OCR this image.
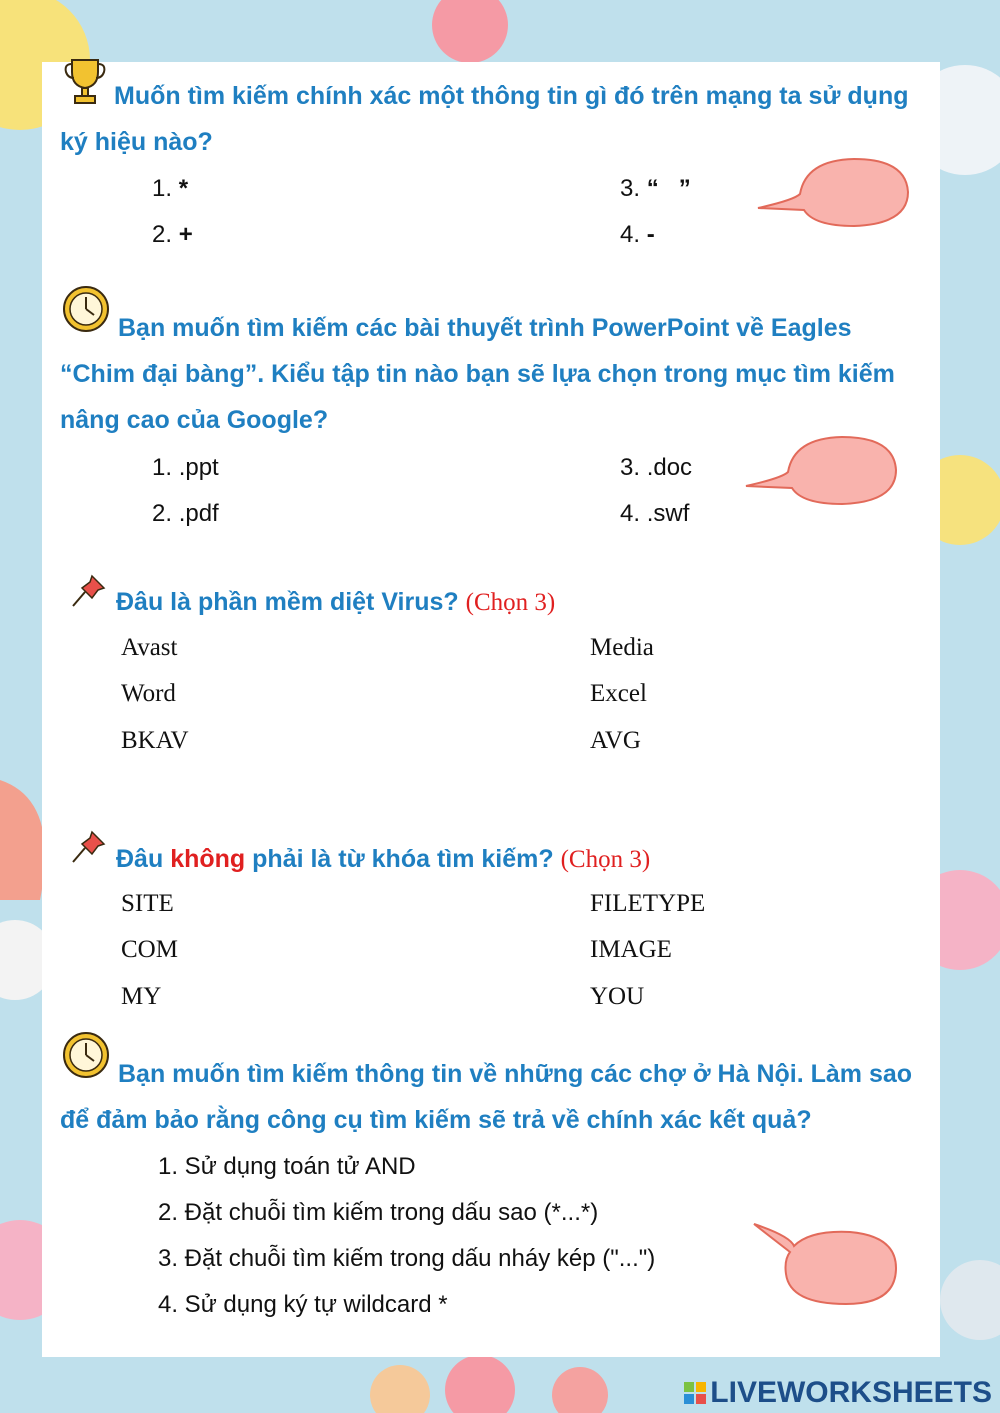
Muốn tìm kiếm chính xác một thông tin gì đó trên mạng ta sử dụng ký hiệu nào?
1. *	3. “   ”
2. +	4. -
Bạn muốn tìm kiếm các bài thuyết trình PowerPoint về Eagles “Chim đại bàng”. Kiểu tập tin nào bạn sẽ lựa chọn trong mục tìm kiếm nâng cao của Google?
1. .ppt	3. .doc
2. .pdf	4. .swf
Đâu là phần mềm diệt Virus? (Chọn 3)
Avast	Media
Word	Excel
BKAV	AVG
Đâu không phải là từ khóa tìm kiếm? (Chọn 3)
SITE	FILETYPE
COM	IMAGE
MY	YOU
Bạn muốn tìm kiếm thông tin về những các chợ ở Hà Nội. Làm sao để đảm bảo rằng công cụ tìm kiếm sẽ trả về chính xác kết quả?
1. Sử dụng toán tử AND
2. Đặt chuỗi tìm kiếm trong dấu sao (*...*)
3. Đặt chuỗi tìm kiếm trong dấu nháy kép ("...")
4. Sử dụng ký tự wildcard *
LIVEWORKSHEETS
